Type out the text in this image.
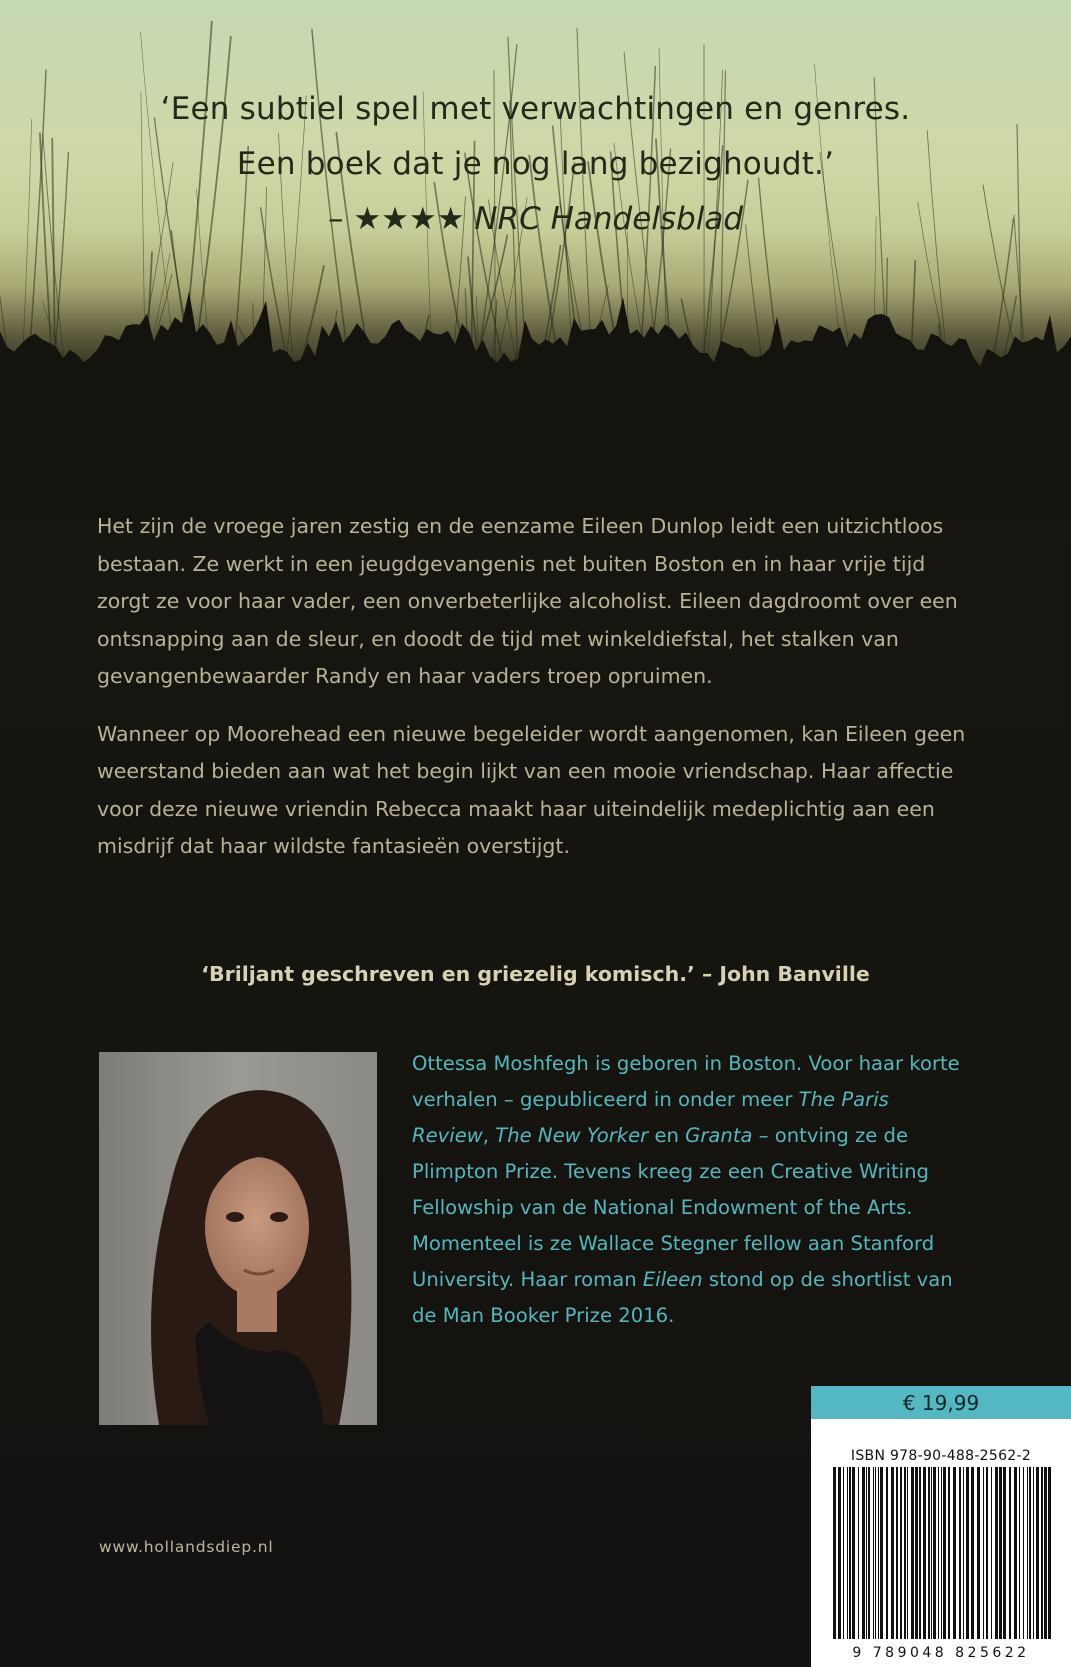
‘Een subtiel spel met verwachtingen en genres.
Een boek dat je nog lang bezighoudt.’
– ★★★★ NRC Handelsblad

Het zijn de vroege jaren zestig en de eenzame Eileen Dunlop leidt een uitzichtloos bestaan. Ze werkt in een jeugdgevangenis net buiten Boston en in haar vrije tijd zorgt ze voor haar vader, een onverbeterlijke alcoholist. Eileen dagdroomt over een ontsnapping aan de sleur, en doodt de tijd met winkeldiefstal, het stalken van gevangenbewaarder Randy en haar vaders troep opruimen.

Wanneer op Moorehead een nieuwe begeleider wordt aangenomen, kan Eileen geen weerstand bieden aan wat het begin lijkt van een mooie vriendschap. Haar affectie voor deze nieuwe vriendin Rebecca maakt haar uiteindelijk medeplichtig aan een misdrijf dat haar wildste fantasieën overstijgt.

‘Briljant geschreven en griezelig komisch.’ – John Banville

Ottessa Moshfegh is geboren in Boston. Voor haar korte verhalen – gepubliceerd in onder meer The Paris Review, The New Yorker en Granta – ontving ze de Plimpton Prize. Tevens kreeg ze een Creative Writing Fellowship van de National Endowment of the Arts. Momenteel is ze Wallace Stegner fellow aan Stanford University. Haar roman Eileen stond op de shortlist van de Man Booker Prize 2016.

€ 19,99
ISBN 978-90-488-2562-2
9 789048 825622
www.hollandsdiep.nl
